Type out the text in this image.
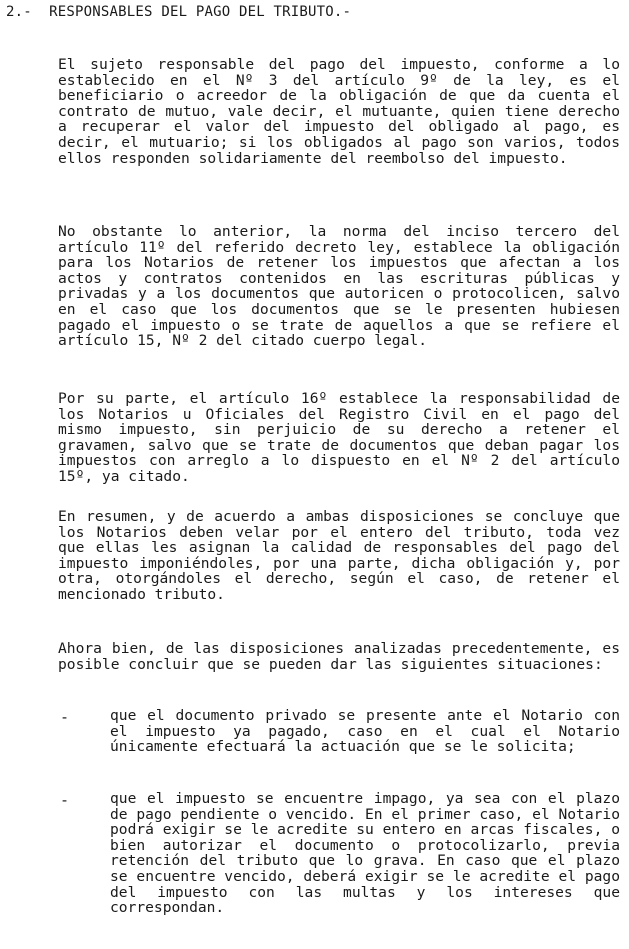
2.-  RESPONSABLES DEL PAGO DEL TRIBUTO.-
El sujeto responsable del pago del impuesto, conforme a lo establecido en el Nº 3 del artículo 9º de la ley, es el beneficiario o acreedor de la obligación de que da cuenta el contrato de mutuo, vale decir, el mutuante, quien tiene derecho a recuperar el valor del impuesto del obligado al pago, es decir, el mutuario; si los obligados al pago son varios, todos ellos responden solidariamente del reembolso del impuesto.
No obstante lo anterior, la norma del inciso tercero del artículo 11º del referido decreto ley, establece la obligación para los Notarios de retener los impuestos que afectan a los actos y contratos contenidos en las escrituras públicas y privadas y a los documentos que autoricen o protocolicen, salvo en el caso que los documentos que se le presenten hubiesen pagado el impuesto o se trate de aquellos a que se refiere el artículo 15, Nº 2 del citado cuerpo legal.
Por su parte, el artículo 16º establece la responsabilidad de los Notarios u Oficiales del Registro Civil en el pago del mismo impuesto, sin perjuicio de su derecho a retener el gravamen, salvo que se trate de documentos que deban pagar los impuestos con arreglo a lo dispuesto en el Nº 2 del artículo 15º, ya citado.
En resumen, y de acuerdo a ambas disposiciones se concluye que los Notarios deben velar por el entero del tributo, toda vez que ellas les asignan la calidad de responsables del pago del impuesto imponiéndoles, por una parte, dicha obligación y, por otra, otorgándoles el derecho, según el caso, de retener el mencionado tributo.
Ahora bien, de las disposiciones analizadas precedentemente, es posible concluir que se pueden dar las siguientes situaciones:
-	que el documento privado se presente ante el Notario con el impuesto ya pagado, caso en el cual el Notario únicamente efectuará la actuación que se le solicita;
-	que el impuesto se encuentre impago, ya sea con el plazo de pago pendiente o vencido. En el primer caso, el Notario podrá exigir se le acredite su entero en arcas fiscales, o bien autorizar el documento o protocolizarlo, previa retención del tributo que lo grava. En caso que el plazo se encuentre vencido, deberá exigir se le acredite el pago del impuesto con las multas y los intereses que correspondan.
